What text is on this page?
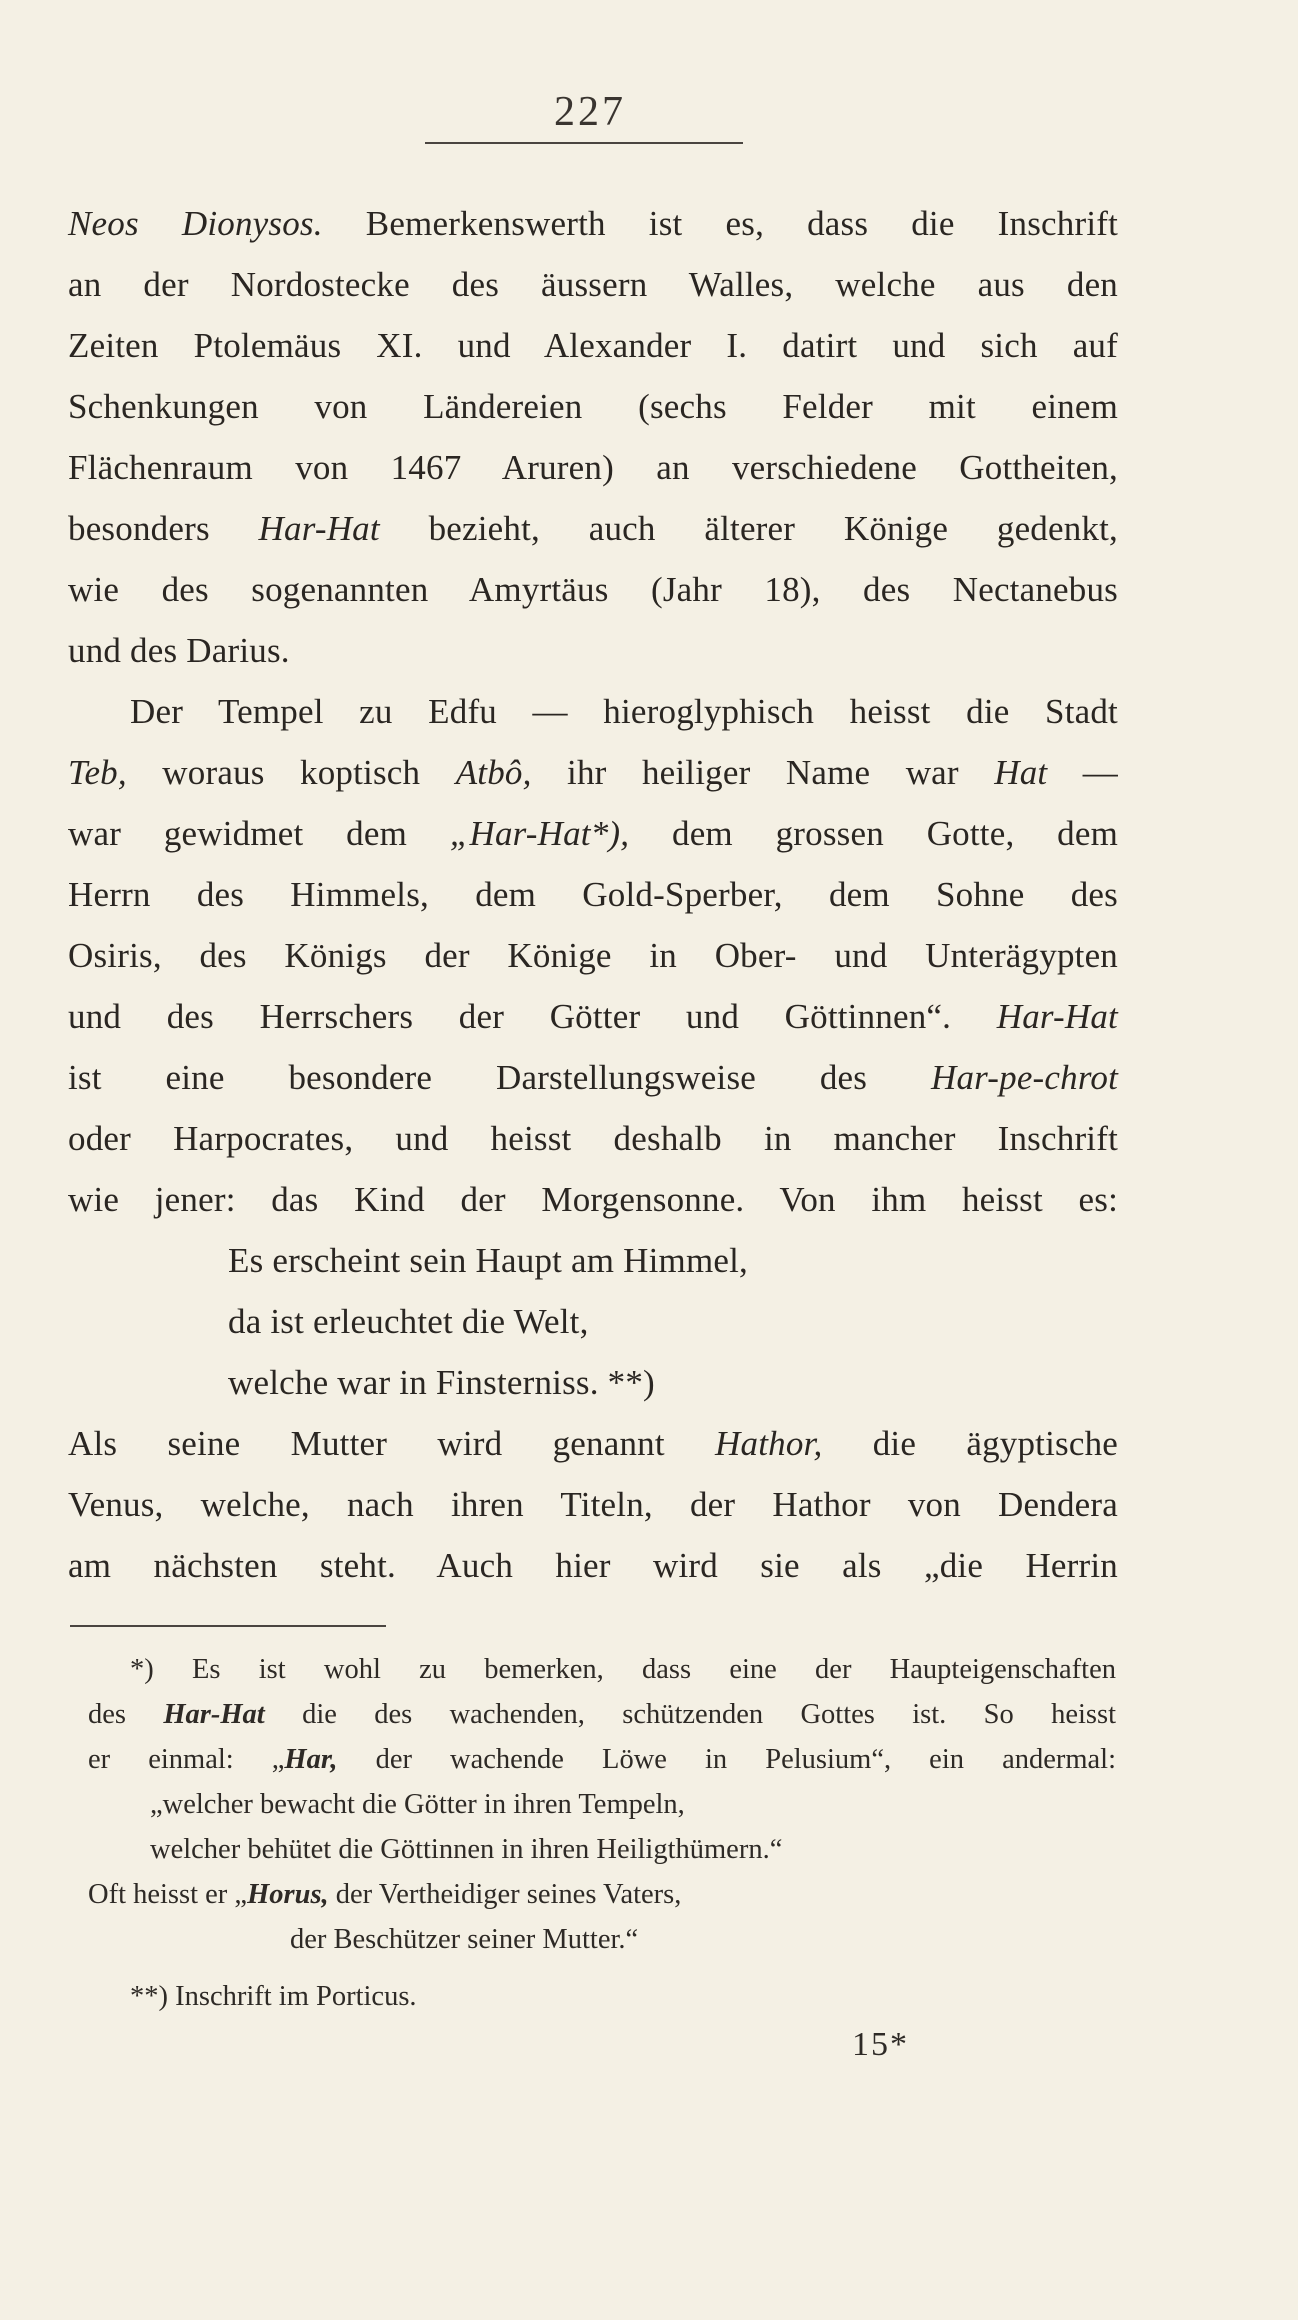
227
Neos Dionysos. Bemerkenswerth ist es, dass die Inschrift
an der Nordostecke des äussern Walles, welche aus den
Zeiten Ptolemäus XI. und Alexander I. datirt und sich auf
Schenkungen von Ländereien (sechs Felder mit einem
Flächenraum von 1467 Aruren) an verschiedene Gottheiten,
besonders Har-Hat bezieht, auch älterer Könige gedenkt,
wie des sogenannten Amyrtäus (Jahr 18), des Nectanebus
und des Darius.
Der Tempel zu Edfu — hieroglyphisch heisst die Stadt
Teb, woraus koptisch Atbô, ihr heiliger Name war Hat —
war gewidmet dem „Har-Hat*), dem grossen Gotte, dem
Herrn des Himmels, dem Gold-Sperber, dem Sohne des
Osiris, des Königs der Könige in Ober- und Unterägypten
und des Herrschers der Götter und Göttinnen“. Har-Hat
ist eine besondere Darstellungsweise des Har-pe-chrot
oder Harpocrates, und heisst deshalb in mancher Inschrift
wie jener: das Kind der Morgensonne. Von ihm heisst es:
Es erscheint sein Haupt am Himmel,
da ist erleuchtet die Welt,
welche war in Finsterniss. **)
Als seine Mutter wird genannt Hathor, die ägyptische
Venus, welche, nach ihren Titeln, der Hathor von Dendera
am nächsten steht. Auch hier wird sie als „die Herrin
*) Es ist wohl zu bemerken, dass eine der Haupteigenschaften
des Har-Hat die des wachenden, schützenden Gottes ist. So heisst
er einmal: „Har, der wachende Löwe in Pelusium“, ein andermal:
„welcher bewacht die Götter in ihren Tempeln,
welcher behütet die Göttinnen in ihren Heiligthümern.“
Oft heisst er „Horus, der Vertheidiger seines Vaters,
der Beschützer seiner Mutter.“
**) Inschrift im Porticus.
15*
